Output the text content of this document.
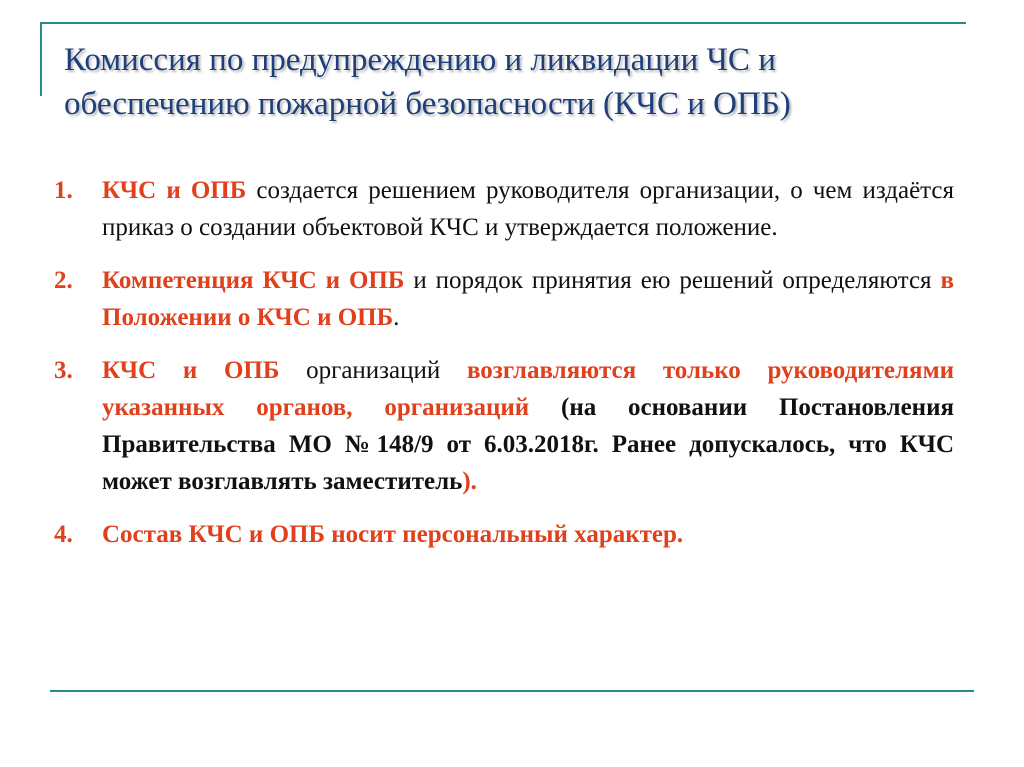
Комиссия по предупреждению и ликвидации ЧС и обеспечению пожарной безопасности (КЧС и ОПБ)
1.	КЧС и ОПБ создается решением руководителя организации, о чем издаётся приказ о создании объектовой КЧС и утверждается положение.
2.	Компетенция КЧС и ОПБ и порядок принятия ею решений определяются в Положении о КЧС и ОПБ.
3.	КЧС и ОПБ организаций возглавляются только руководителями указанных органов, организаций (на основании Постановления Правительства МО №148/9 от 6.03.2018г. Ранее допускалось, что КЧС может возглавлять заместитель).
4.	Состав КЧС и ОПБ носит персональный характер.
